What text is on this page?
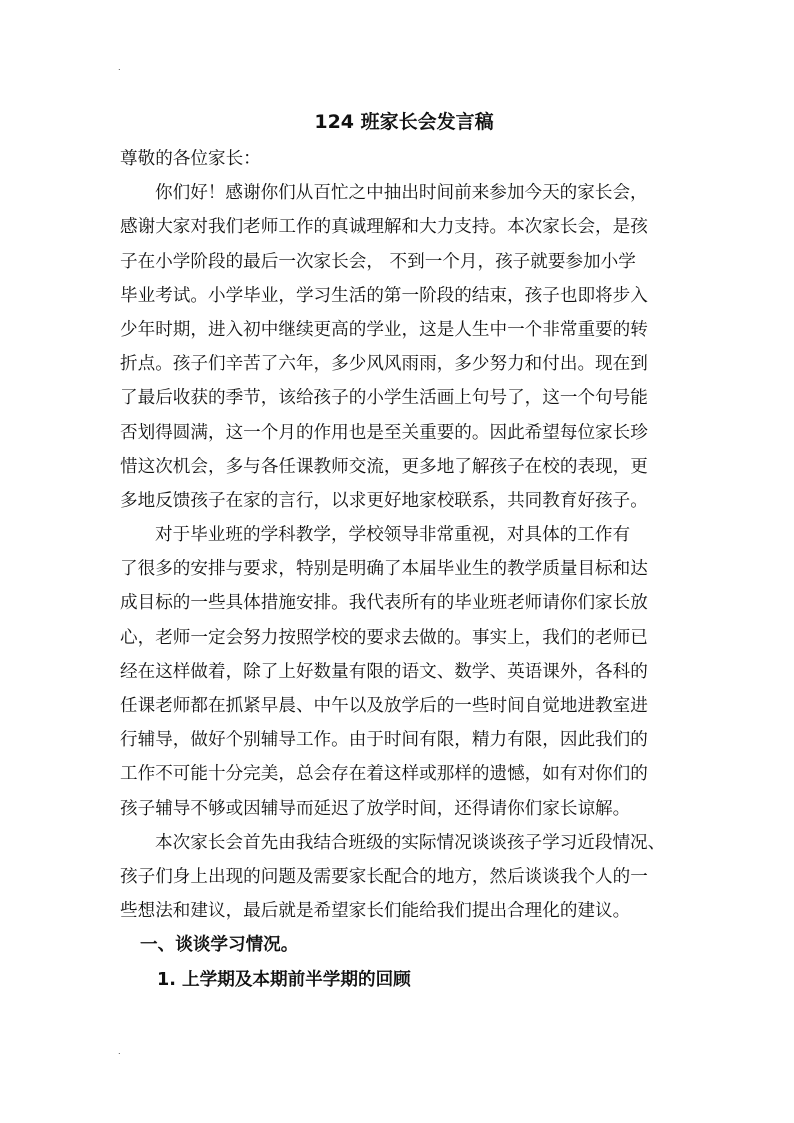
.
124 班家长会发言稿
尊敬的各位家长：
你们好！感谢你们从百忙之中抽出时间前来参加今天的家长会，
感谢大家对我们老师工作的真诚理解和大力支持。本次家长会，是孩
子在小学阶段的最后一次家长会， 不到一个月，孩子就要参加小学
毕业考试。小学毕业，学习生活的第一阶段的结束，孩子也即将步入
少年时期，进入初中继续更高的学业，这是人生中一个非常重要的转
折点。孩子们辛苦了六年，多少风风雨雨，多少努力和付出。现在到
了最后收获的季节，该给孩子的小学生活画上句号了，这一个句号能
否划得圆满，这一个月的作用也是至关重要的。因此希望每位家长珍
惜这次机会，多与各任课教师交流，更多地了解孩子在校的表现，更
多地反馈孩子在家的言行，以求更好地家校联系，共同教育好孩子。
对于毕业班的学科教学，学校领导非常重视，对具体的工作有
了很多的安排与要求，特别是明确了本届毕业生的教学质量目标和达
成目标的一些具体措施安排。我代表所有的毕业班老师请你们家长放
心，老师一定会努力按照学校的要求去做的。事实上，我们的老师已
经在这样做着，除了上好数量有限的语文、数学、英语课外，各科的
任课老师都在抓紧早晨、中午以及放学后的一些时间自觉地进教室进
行辅导，做好个别辅导工作。由于时间有限，精力有限，因此我们的
工作不可能十分完美，总会存在着这样或那样的遗憾，如有对你们的
孩子辅导不够或因辅导而延迟了放学时间，还得请你们家长谅解。
本次家长会首先由我结合班级的实际情况谈谈孩子学习近段情况、
孩子们身上出现的问题及需要家长配合的地方，然后谈谈我个人的一
些想法和建议，最后就是希望家长们能给我们提出合理化的建议。
一、谈谈学习情况。
1. 上学期及本期前半学期的回顾
.
